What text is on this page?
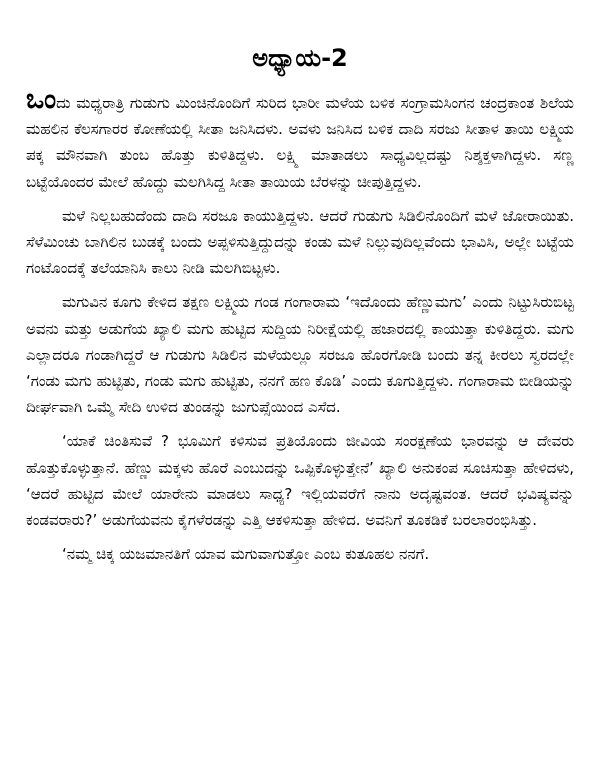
ಅಧ್ಯಾಯ-2

ಒಂದು ಮಧ್ಯರಾತ್ರಿ ಗುಡುಗು ಮಿಂಚಿನೊಂದಿಗೆ ಸುರಿದ ಭಾರೀ ಮಳೆಯ ಬಳಿಕ ಸಂಗ್ರಾಮಸಿಂಗನ ಚಂದ್ರಕಾಂತ ಶಿಲೆಯ ಮಹಲಿನ ಕೆಲಸಗಾರರ ಕೋಣೆಯಲ್ಲಿ ಸೀತಾ ಜನಿಸಿದಳು. ಅವಳು ಜನಿಸಿದ ಬಳಿಕ ದಾದಿ ಸರಜು ಸೀತಾಳ ತಾಯಿ ಲಕ್ಷ್ಮಿಯ ಪಕ್ಕ ಮೌನವಾಗಿ ತುಂಬ ಹೊತ್ತು ಕುಳಿತಿದ್ದಳು. ಲಕ್ಷ್ಮಿ ಮಾತಾಡಲು ಸಾಧ್ಯವಿಲ್ಲದಷ್ಟು ನಿಶ್ಶಕ್ತಳಾಗಿದ್ದಳು. ಸಣ್ಣ ಬಟ್ಟೆಯೊಂದರ ಮೇಲೆ ಹೊದ್ದು ಮಲಗಿಸಿದ್ದ ಸೀತಾ ತಾಯಿಯ ಬೆರಳನ್ನು ಚೀಪುತ್ತಿದ್ದಳು.

ಮಳೆ ನಿಲ್ಲಬಹುದೆಂದು ದಾದಿ ಸರಜೂ ಕಾಯುತ್ತಿದ್ದಳು. ಆದರೆ ಗುಡುಗು ಸಿಡಿಲಿನೊಂದಿಗೆ ಮಳೆ ಜೋರಾಯಿತು. ಸೆಳೆಮಿಂಚು ಬಾಗಿಲಿನ ಬುಡಕ್ಕೆ ಬಂದು ಅಪ್ಪಳಿಸುತ್ತಿದ್ದುದನ್ನು ಕಂಡು ಮಳೆ ನಿಲ್ಲುವುದಿಲ್ಲವೆಂದು ಭಾವಿಸಿ, ಅಲ್ಲೇ ಬಟ್ಟೆಯ ಗಂಟೊಂದಕ್ಕೆ ತಲೆಯಾನಿಸಿ ಕಾಲು ನೀಡಿ ಮಲಗಿಬಿಟ್ಟಳು.

ಮಗುವಿನ ಕೂಗು ಕೇಳಿದ ತಕ್ಷಣ ಲಕ್ಷ್ಮಿಯ ಗಂಡ ಗಂಗಾರಾಮ ‘ಇದೊಂದು ಹೆಣ್ಣುಮಗು’ ಎಂದು ನಿಟ್ಟುಸಿರುಬಿಟ್ಟ ಅವನು ಮತ್ತು ಅಡುಗೆಯ ಖ್ಯಾಲಿ ಮಗು ಹುಟ್ಟಿದ ಸುದ್ದಿಯ ನಿರೀಕ್ಷೆಯಲ್ಲಿ ಹಜಾರದಲ್ಲಿ ಕಾಯುತ್ತಾ ಕುಳಿತಿದ್ದರು. ಮಗು ಎಲ್ಲಾದರೂ ಗಂಡಾಗಿದ್ದರೆ ಆ ಗುಡುಗು ಸಿಡಿಲಿನ ಮಳೆಯಲ್ಲೂ ಸರಜೂ ಹೊರಗೋಡಿ ಬಂದು ತನ್ನ ಕೀರಲು ಸ್ವರದಲ್ಲೇ ‘ಗಂಡು ಮಗು ಹುಟ್ಟಿತು, ಗಂಡು ಮಗು ಹುಟ್ಟಿತು, ನನಗೆ ಹಣ ಕೊಡಿ’ ಎಂದು ಕೂಗುತ್ತಿದ್ದಳು. ಗಂಗಾರಾಮ ಬೀಡಿಯನ್ನು ದೀರ್ಘವಾಗಿ ಒಮ್ಮೆ ಸೇದಿ ಉಳಿದ ತುಂಡನ್ನು ಜುಗುಪ್ಸೆಯಿಂದ ಎಸೆದ.

‘ಯಾಕೆ ಚಿಂತಿಸುವೆ ? ಭೂಮಿಗೆ ಕಳಿಸುವ ಪ್ರತಿಯೊಂದು ಜೀವಿಯ ಸಂರಕ್ಷಣೆಯ ಭಾರವನ್ನು ಆ ದೇವರು ಹೊತ್ತುಕೊಳ್ಳುತ್ತಾನೆ. ಹೆಣ್ಣು ಮಕ್ಕಳು ಹೊರೆ ಎಂಬುದನ್ನು ಒಪ್ಪಿಕೊಳ್ಳುತ್ತೇನೆ’ ಖ್ಯಾಲಿ ಅನುಕಂಪ ಸೂಚಿಸುತ್ತಾ ಹೇಳಿದಳು, ‘ಆದರೆ ಹುಟ್ಟಿದ ಮೇಲೆ ಯಾರೇನು ಮಾಡಲು ಸಾಧ್ಯ? ಇಲ್ಲಿಯವರೆಗೆ ನಾನು ಅದೃಷ್ಟವಂತ. ಆದರೆ ಭವಿಷ್ಯವನ್ನು ಕಂಡವರಾರು?’ ಅಡುಗೆಯವನು ಕೈಗಳೆರಡನ್ನು ಎತ್ತಿ ಆಕಳಿಸುತ್ತಾ ಹೇಳಿದ. ಅವನಿಗೆ ತೂಕಡಿಕೆ ಬರಲಾರಂಭಿಸಿತ್ತು.

‘ನಮ್ಮ ಚಿಕ್ಕ ಯಜಮಾನತಿಗೆ ಯಾವ ಮಗುವಾಗುತ್ತೋ ಎಂಬ ಕುತೂಹಲ ನನಗೆ.
